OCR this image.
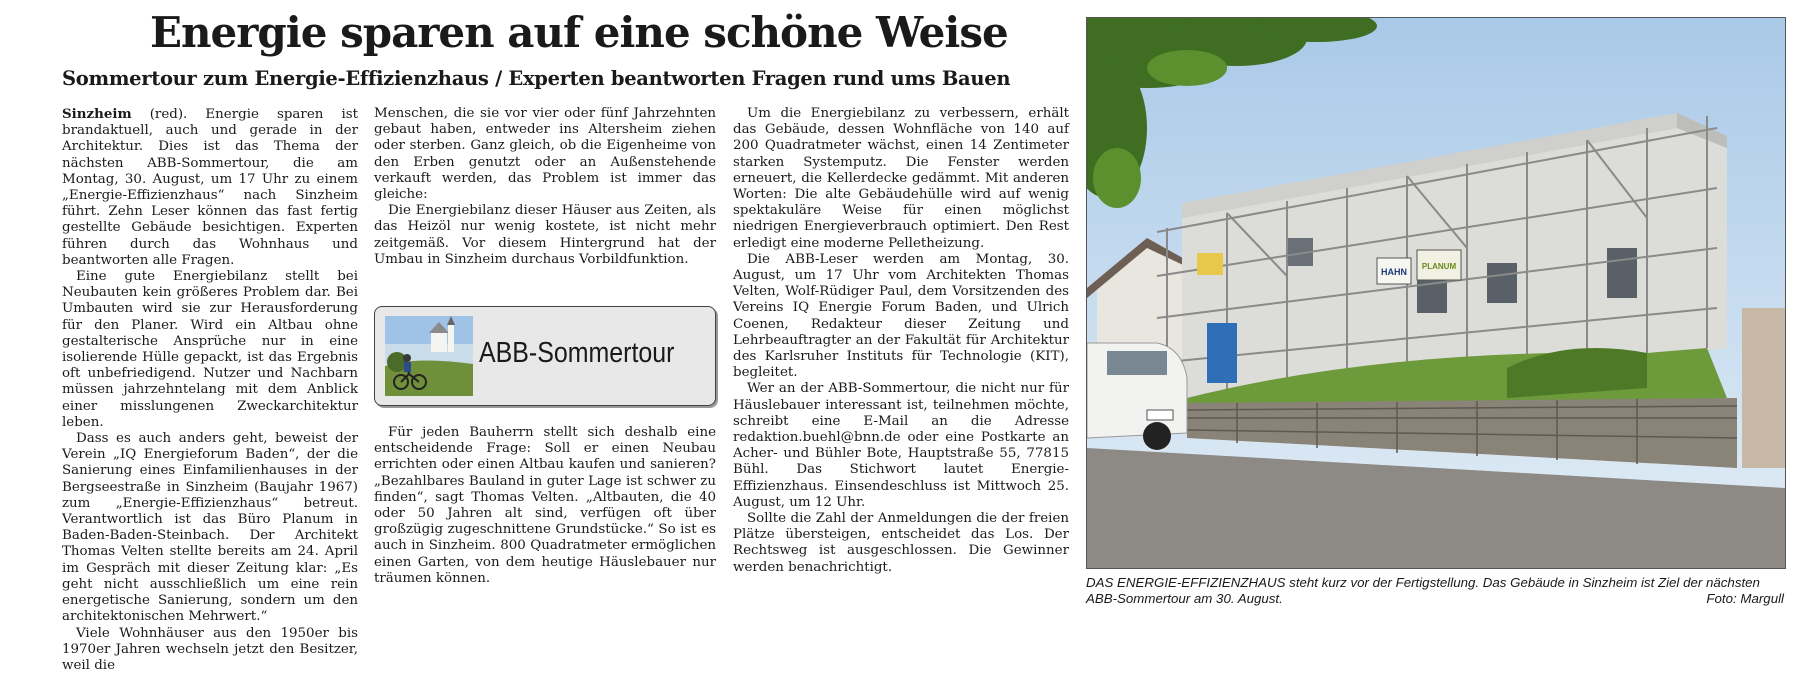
Energie sparen auf eine schöne Weise
Sommertour zum Energie-Effizienzhaus / Experten beantworten Fragen rund ums Bauen

Sinzheim (red). Energie sparen ist brandaktuell, auch und gerade in der Architektur. Dies ist das Thema der nächsten ABB-Sommertour, die am Montag, 30. August, um 17 Uhr zu einem „Energie-Effizienzhaus“ nach Sinzheim führt. Zehn Leser können das fast fertig gestellte Gebäude besichtigen. Experten führen durch das Wohnhaus und beantworten alle Fragen.

Eine gute Energiebilanz stellt bei Neubauten kein größeres Problem dar. Bei Umbauten wird sie zur Herausforderung für den Planer. Wird ein Altbau ohne gestalterische Ansprüche nur in eine isolierende Hülle gepackt, ist das Ergebnis oft unbefriedigend. Nutzer und Nachbarn müssen jahrzehntelang mit dem Anblick einer misslungenen Zweckarchitektur leben.

Dass es auch anders geht, beweist der Verein „IQ Energieforum Baden“, der die Sanierung eines Einfamilienhauses in der Bergseestraße in Sinzheim (Baujahr 1967) zum „Energie-Effizienzhaus“ betreut. Verantwortlich ist das Büro Planum in Baden-Baden-Steinbach. Der Architekt Thomas Velten stellte bereits am 24. April im Gespräch mit dieser Zeitung klar: „Es geht nicht ausschließlich um eine rein energetische Sanierung, sondern um den architektonischen Mehrwert.“

Viele Wohnhäuser aus den 1950er bis 1970er Jahren wechseln jetzt den Besitzer, weil die

Menschen, die sie vor vier oder fünf Jahrzehnten gebaut haben, entweder ins Altersheim ziehen oder sterben. Ganz gleich, ob die Eigenheime von den Erben genutzt oder an Außenstehende verkauft werden, das Problem ist immer das gleiche:

Die Energiebilanz dieser Häuser aus Zeiten, als das Heizöl nur wenig kostete, ist nicht mehr zeitgemäß. Vor diesem Hintergrund hat der Umbau in Sinzheim durchaus Vorbildfunktion.

ABB-Sommertour

Für jeden Bauherrn stellt sich deshalb eine entscheidende Frage: Soll er einen Neubau errichten oder einen Altbau kaufen und sanieren? „Bezahlbares Bauland in guter Lage ist schwer zu finden“, sagt Thomas Velten. „Altbauten, die 40 oder 50 Jahren alt sind, verfügen oft über großzügig zugeschnittene Grundstücke.“ So ist es auch in Sinzheim. 800 Quadratmeter ermöglichen einen Garten, von dem heutige Häuslebauer nur träumen können.

Um die Energiebilanz zu verbessern, erhält das Gebäude, dessen Wohnfläche von 140 auf 200 Quadratmeter wächst, einen 14 Zentimeter starken Systemputz. Die Fenster werden erneuert, die Kellerdecke gedämmt. Mit anderen Worten: Die alte Gebäudehülle wird auf wenig spektakuläre Weise für einen möglichst niedrigen Energieverbrauch optimiert. Den Rest erledigt eine moderne Pelletheizung.

Die ABB-Leser werden am Montag, 30. August, um 17 Uhr vom Architekten Thomas Velten, Wolf-Rüdiger Paul, dem Vorsitzenden des Vereins IQ Energie Forum Baden, und Ulrich Coenen, Redakteur dieser Zeitung und Lehrbeauftragter an der Fakultät für Architektur des Karlsruher Instituts für Technologie (KIT), begleitet.

Wer an der ABB-Sommertour, die nicht nur für Häuslebauer interessant ist, teilnehmen möchte, schreibt eine E-Mail an die Adresse redaktion.buehl@bnn.de oder eine Postkarte an Acher- und Bühler Bote, Hauptstraße 55, 77815 Bühl. Das Stichwort lautet Energie-Effizienzhaus. Einsendeschluss ist Mittwoch 25. August, um 12 Uhr.

Sollte die Zahl der Anmeldungen die der freien Plätze übersteigen, entscheidet das Los. Der Rechtsweg ist ausgeschlossen. Die Gewinner werden benachrichtigt.

HAHN
PLANUM
DAS ENERGIE-EFFIZIENZHAUS steht kurz vor der Fertigstellung. Das Gebäude in Sinzheim ist Ziel der nächsten ABB-Sommertour am 30. August.	Foto: Margull
